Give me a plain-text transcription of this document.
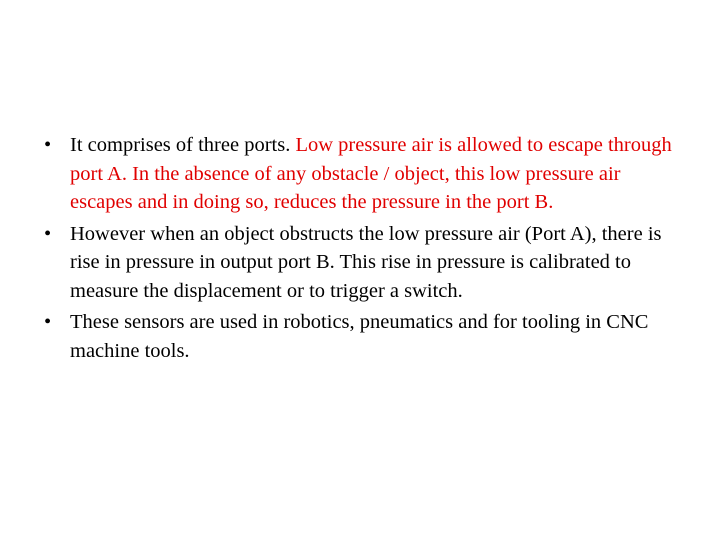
• It comprises of three ports. Low pressure air is allowed to escape through port A. In the absence of any obstacle / object, this low pressure air escapes and in doing so, reduces the pressure in the port B.
• However when an object obstructs the low pressure air (Port A), there is rise in pressure in output port B. This rise in pressure is calibrated to measure the displacement or to trigger a switch.
• These sensors are used in robotics, pneumatics and for tooling in CNC machine tools.
